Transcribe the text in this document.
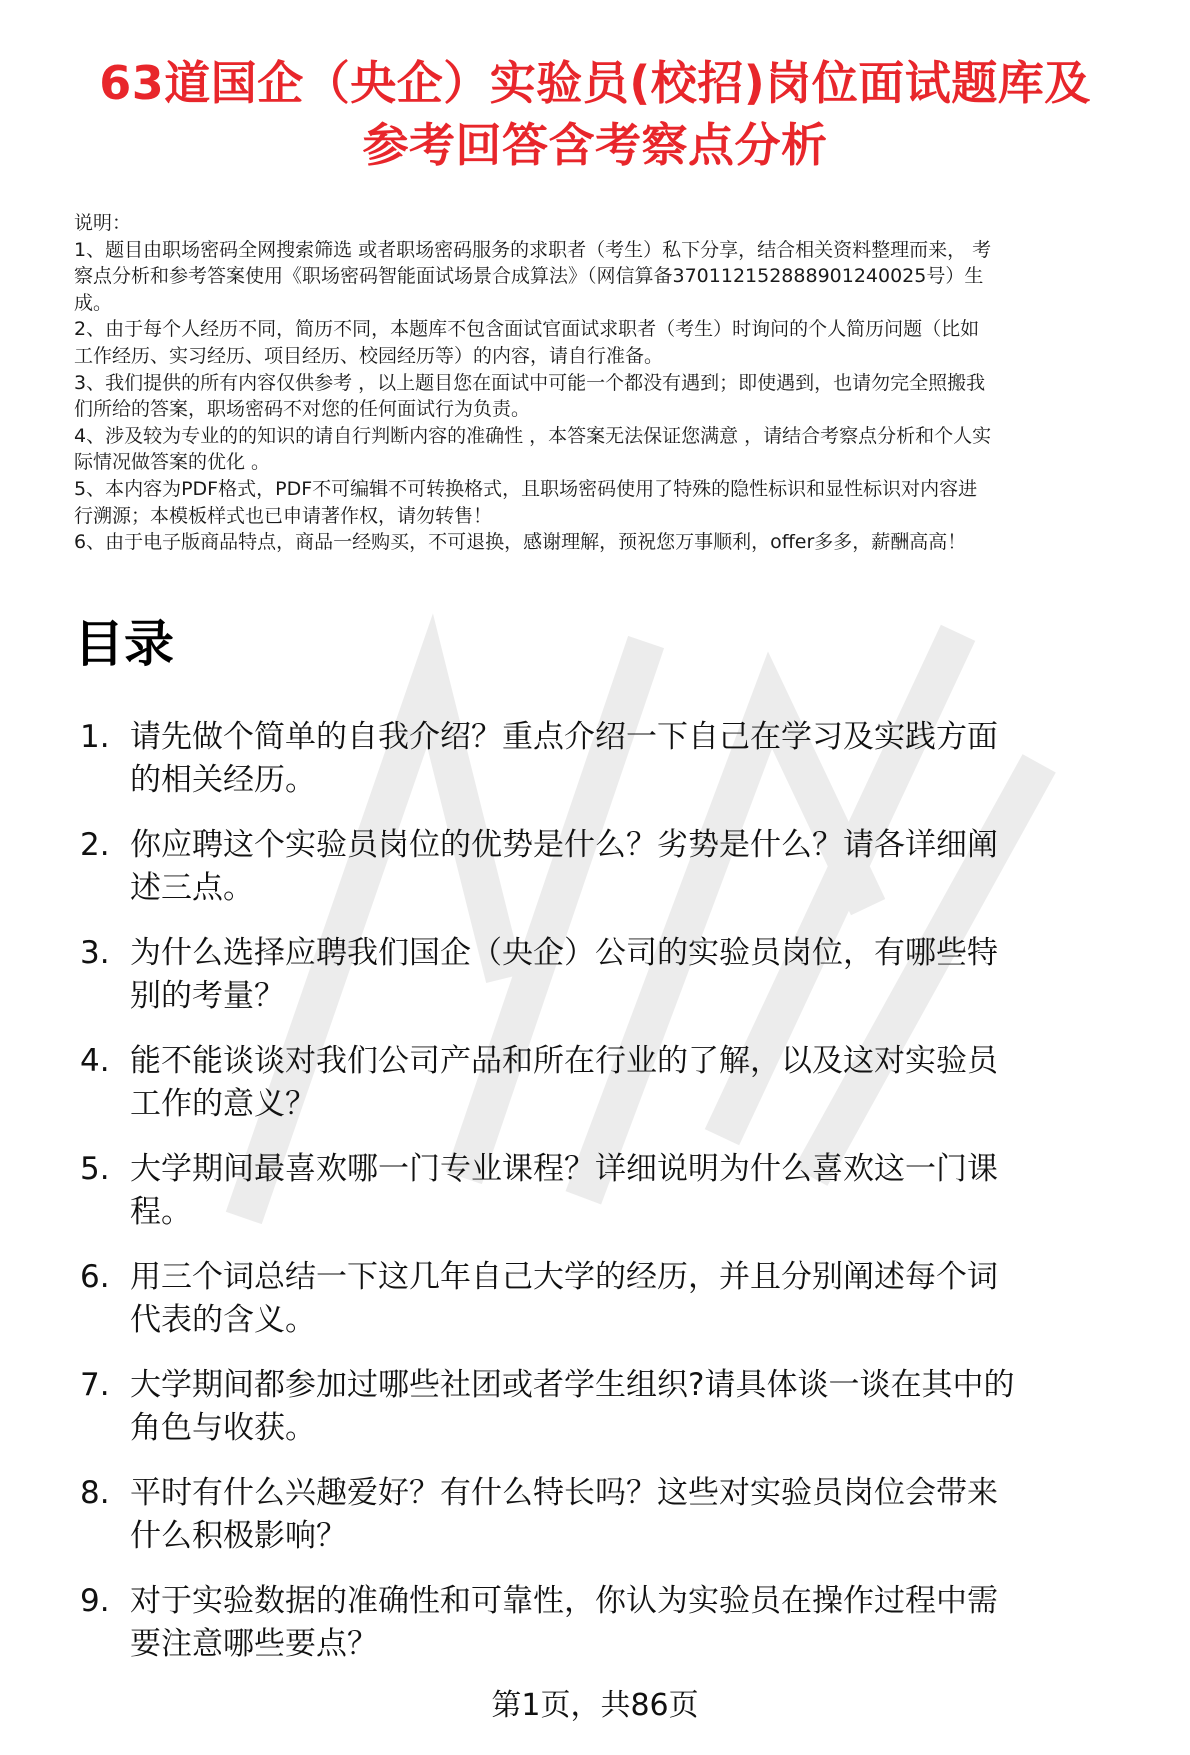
63道国企（央企）实验员(校招)岗位面试题库及
参考回答含考察点分析
说明：
1、题目由职场密码全网搜索筛选 或者职场密码服务的求职者（考生）私下分享，结合相关资料整理而来， 考
察点分析和参考答案使用《职场密码智能面试场景合成算法》（网信算备370112152888901240025号）生
成。
2、由于每个人经历不同，简历不同，本题库不包含面试官面试求职者（考生）时询问的个人简历问题（比如
工作经历、实习经历、项目经历、校园经历等）的内容，请自行准备。
3、我们提供的所有内容仅供参考 ，以上题目您在面试中可能一个都没有遇到；即使遇到，也请勿完全照搬我
们所给的答案，职场密码不对您的任何面试行为负责。
4、涉及较为专业的的知识的请自行判断内容的准确性 ，本答案无法保证您满意 ，请结合考察点分析和个人实
际情况做答案的优化 。
5、本内容为PDF格式，PDF不可编辑不可转换格式，且职场密码使用了特殊的隐性标识和显性标识对内容进
行溯源；本模板样式也已申请著作权，请勿转售！
6、由于电子版商品特点，商品一经购买，不可退换，感谢理解，预祝您万事顺利，offer多多，薪酬高高！
目录
1. 请先做个简单的自我介绍？重点介绍一下自己在学习及实践方面
的相关经历。
2. 你应聘这个实验员岗位的优势是什么？劣势是什么？请各详细阐
述三点。
3. 为什么选择应聘我们国企（央企）公司的实验员岗位，有哪些特
别的考量？
4. 能不能谈谈对我们公司产品和所在行业的了解，以及这对实验员
工作的意义？
5. 大学期间最喜欢哪一门专业课程？详细说明为什么喜欢这一门课
程。
6. 用三个词总结一下这几年自己大学的经历，并且分别阐述每个词
代表的含义。
7. 大学期间都参加过哪些社团或者学生组织?请具体谈一谈在其中的
角色与收获。
8. 平时有什么兴趣爱好？有什么特长吗？这些对实验员岗位会带来
什么积极影响？
9. 对于实验数据的准确性和可靠性，你认为实验员在操作过程中需
要注意哪些要点？
第1页，共86页
